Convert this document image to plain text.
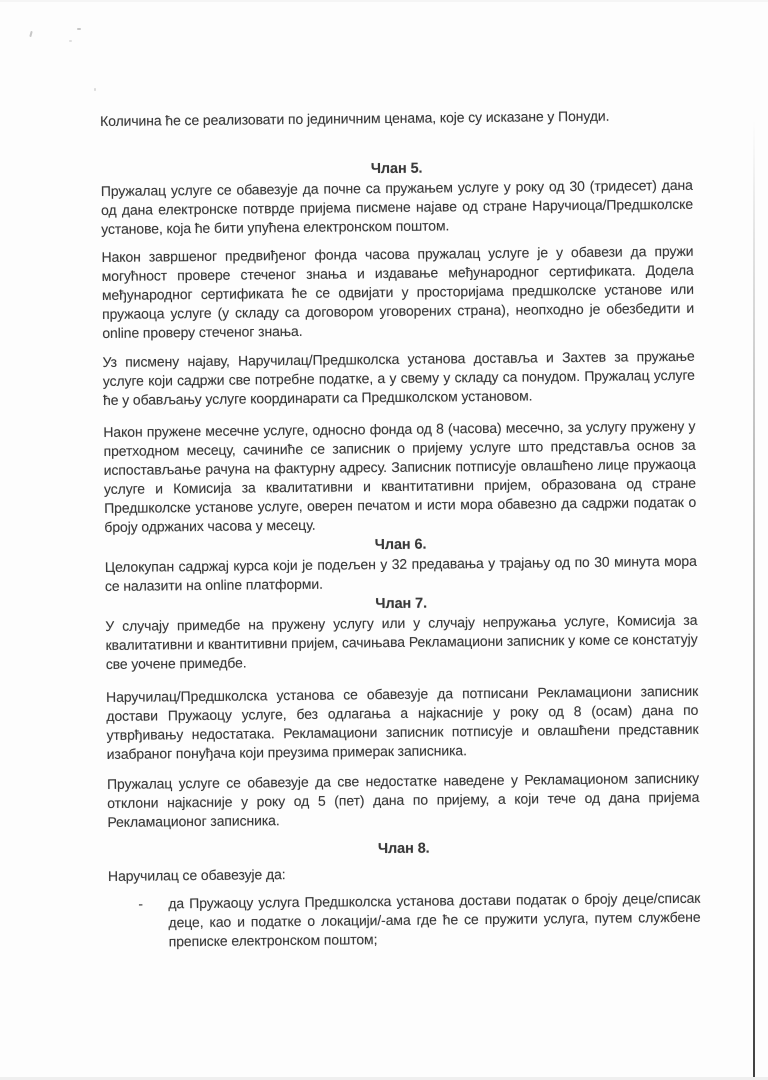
Количина ће се реализовати по јединичним ценама, које су исказане у Понуди.

Члан 5.

Пружалац услуге се обавезује да почне са пружањем услуге у року од 30 (тридесет) дана од дана електронске потврде пријема писмене најаве од стране Наручиоца/Предшколске установе, која ће бити упућена електронском поштом.

Након завршеног предвиђеног фонда часова пружалац услуге је у обавези да пружи могућност провере стеченог знања и издавање међународног сертификата. Додела међународног сертификата ће се одвијати у просторијама предшколске установе или пружаоца услуге (у складу са договором уговорених страна), неопходно је обезбедити и online проверу стеченог знања.

Уз писмену најаву, Наручилац/Предшколска установа доставља и Захтев за пружање услуге који садржи све потребне податке, а у свему у складу са понудом. Пружалац услуге ће у обављању услуге координарати са Предшколском установом.

Након пружене месечне услуге, односно фонда од 8 (часова) месечно, за услугу пружену у претходном месецу, сачиниће се записник о пријему услуге што представља основ за испостављање рачуна на фактурну адресу. Записник потписује овлашћено лице пружаоца услуге и Комисија за квалитативни и квантитативни пријем, образована од стране Предшколске установе услуге, оверен печатом и исти мора обавезно да садржи податак о броју одржаних часова у месецу.

Члан 6.

Целокупан садржај курса који је подељен у 32 предавања у трајању од по 30 минута мора се налазити на online платформи.

Члан 7.

У случају примедбе на пружену услугу или у случају непружања услуге, Комисија за квалитативни и квантитивни пријем, сачињава Рекламациони записник у коме се констатују све уочене примедбе.

Наручилац/Предшколска установа се обавезује да потписани Рекламациони записник достави Пружаоцу услуге, без одлагања а најкасније у року од 8 (осам) дана по утврђивању недостатака. Рекламациони записник потписује и овлашћени представник изабраног понуђача који преузима примерак записника.

Пружалац услуге се обавезује да све недостатке наведене у Рекламационом записнику отклони најкасније у року од 5 (пет) дана по пријему, а који тече од дана пријема Рекламационог записника.

Члан 8.

Наручилац се обавезује да:

-	да Пружаоцу услуга Предшколска установа достави податак о броју деце/списак деце, као и податке о локацији/-ама где ће се пружити услуга, путем службене преписке електронском поштом;
